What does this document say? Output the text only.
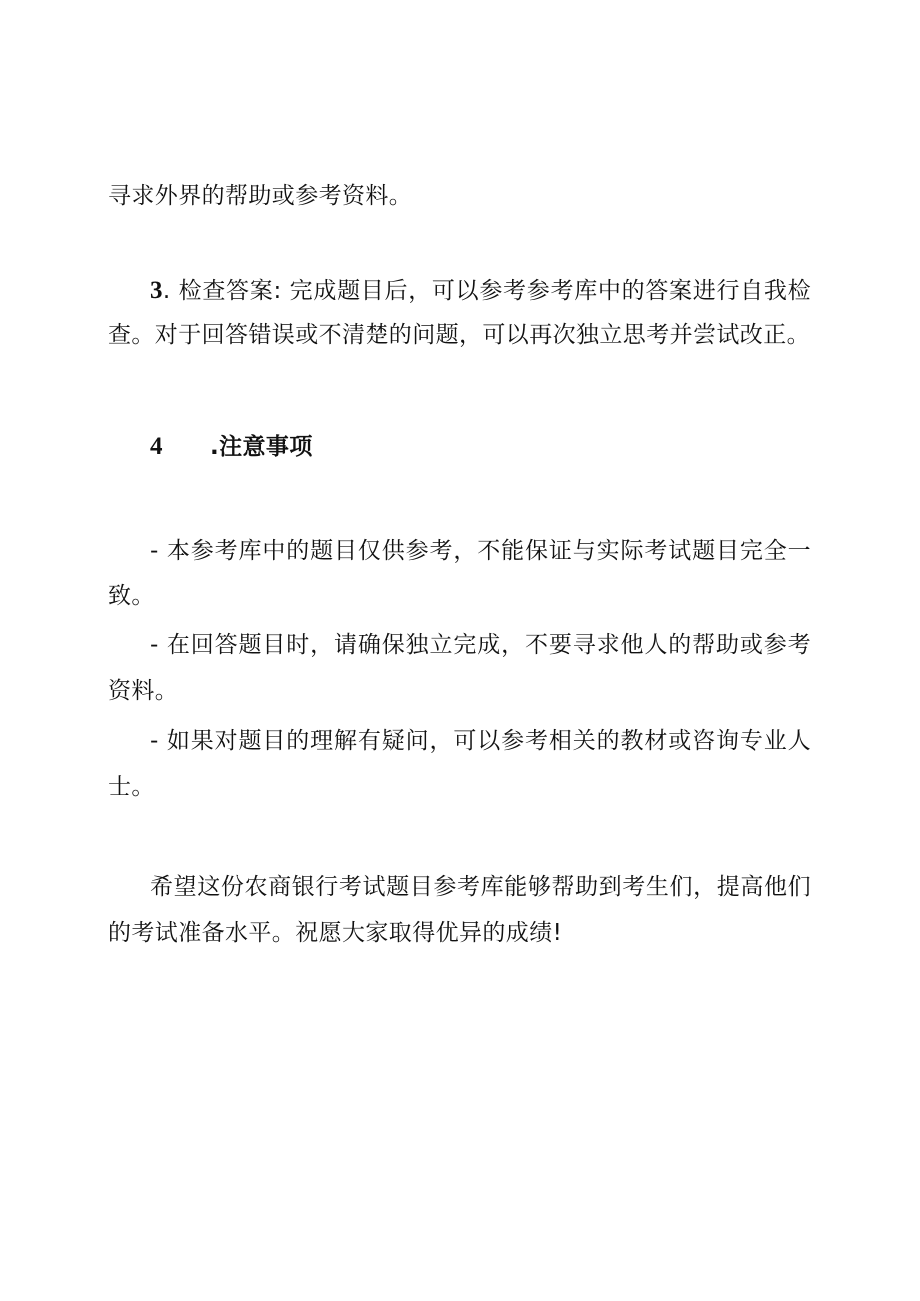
寻求外界的帮助或参考资料。
3. 检查答案: 完成题目后，可以参考参考库中的答案进行自我检
查。对于回答错误或不清楚的问题，可以再次独立思考并尝试改正。
4 .注意事项
- 本参考库中的题目仅供参考，不能保证与实际考试题目完全一
致。
- 在回答题目时，请确保独立完成，不要寻求他人的帮助或参考
资料。
- 如果对题目的理解有疑问，可以参考相关的教材或咨询专业人
士。
希望这份农商银行考试题目参考库能够帮助到考生们，提高他们
的考试准备水平。祝愿大家取得优异的成绩!
